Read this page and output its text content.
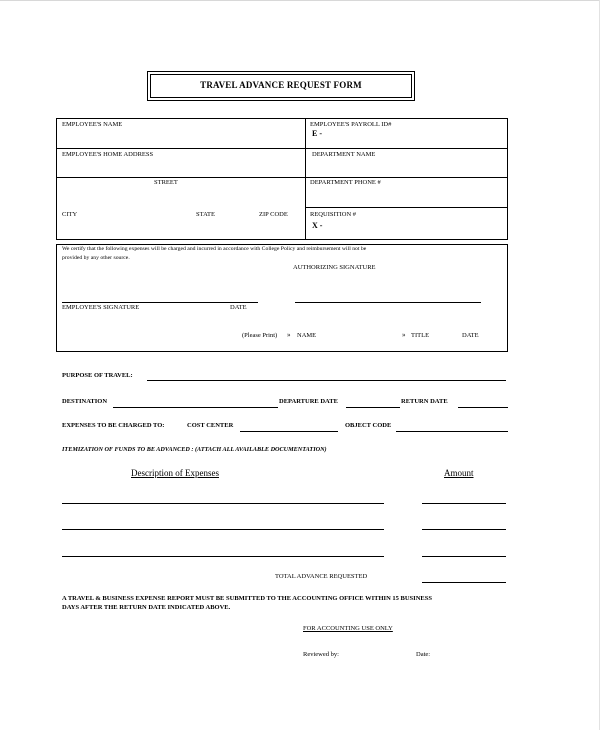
TRAVEL ADVANCE REQUEST FORM
EMPLOYEE'S NAME	EMPLOYEE'S PAYROLL ID#
E -
EMPLOYEE'S HOME ADDRESS	DEPARTMENT NAME
STREET	DEPARTMENT PHONE #
CITY	STATE	ZIP CODE	REQUISITION #
X -
We certify that the following expenses will be charged and incurred in accordance with College Policy and reimbursement will not be
provided by any other source.
AUTHORIZING SIGNATURE
EMPLOYEE'S SIGNATURE	DATE
(Please Print) » NAME	» TITLE	DATE
PURPOSE OF TRAVEL:
DESTINATION	DEPARTURE DATE	RETURN DATE
EXPENSES TO BE CHARGED TO:	COST CENTER	OBJECT CODE
ITEMIZATION OF FUNDS TO BE ADVANCED : (ATTACH ALL AVAILABLE DOCUMENTATION)
Description of Expenses	Amount
TOTAL ADVANCE REQUESTED
A TRAVEL & BUSINESS EXPENSE REPORT MUST BE SUBMITTED TO THE ACCOUNTING OFFICE WITHIN 15 BUSINESS
DAYS AFTER THE RETURN DATE INDICATED ABOVE.
FOR ACCOUNTING USE ONLY
Reviewed by:	Date:
